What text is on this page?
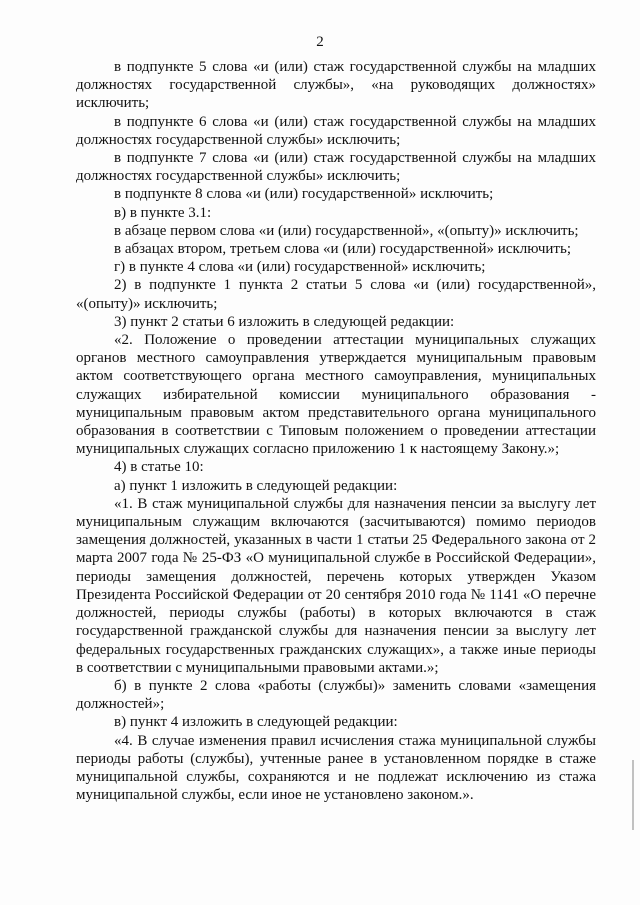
2

в подпункте 5 слова «и (или) стаж государственной службы на младших должностях государственной службы», «на руководящих должностях» исключить;

в подпункте 6 слова «и (или) стаж государственной службы на младших должностях государственной службы» исключить;

в подпункте 7 слова «и (или) стаж государственной службы на младших должностях государственной службы» исключить;

в подпункте 8 слова «и (или) государственной» исключить;

в) в пункте 3.1:

в абзаце первом слова «и (или) государственной», «(опыту)» исключить;

в абзацах втором, третьем слова «и (или) государственной» исключить;

г) в пункте 4 слова «и (или) государственной» исключить;

2) в подпункте 1 пункта 2 статьи 5 слова «и (или) государственной», «(опыту)» исключить;

3) пункт 2 статьи 6 изложить в следующей редакции:

«2. Положение о проведении аттестации муниципальных служащих органов местного самоуправления утверждается муниципальным правовым актом соответствующего органа местного самоуправления, муниципальных служащих избирательной комиссии муниципального образования - муниципальным правовым актом представительного органа муниципального образования в соответствии с Типовым положением о проведении аттестации муниципальных служащих согласно приложению 1 к настоящему Закону.»;

4) в статье 10:

а) пункт 1 изложить в следующей редакции:

«1. В стаж муниципальной службы для назначения пенсии за выслугу лет муниципальным служащим включаются (засчитываются) помимо периодов замещения должностей, указанных в части 1 статьи 25 Федерального закона от 2 марта 2007 года № 25-ФЗ «О муниципальной службе в Российской Федерации», периоды замещения должностей, перечень которых утвержден Указом Президента Российской Федерации от 20 сентября 2010 года № 1141 «О перечне должностей, периоды службы (работы) в которых включаются в стаж государственной гражданской службы для назначения пенсии за выслугу лет федеральных государственных гражданских служащих», а также иные периоды в соответствии с муниципальными правовыми актами.»;

б) в пункте 2 слова «работы (службы)» заменить словами «замещения должностей»;

в) пункт 4 изложить в следующей редакции:

«4. В случае изменения правил исчисления стажа муниципальной службы периоды работы (службы), учтенные ранее в установленном порядке в стаже муниципальной службы, сохраняются и не подлежат исключению из стажа муниципальной службы, если иное не установлено законом.».
